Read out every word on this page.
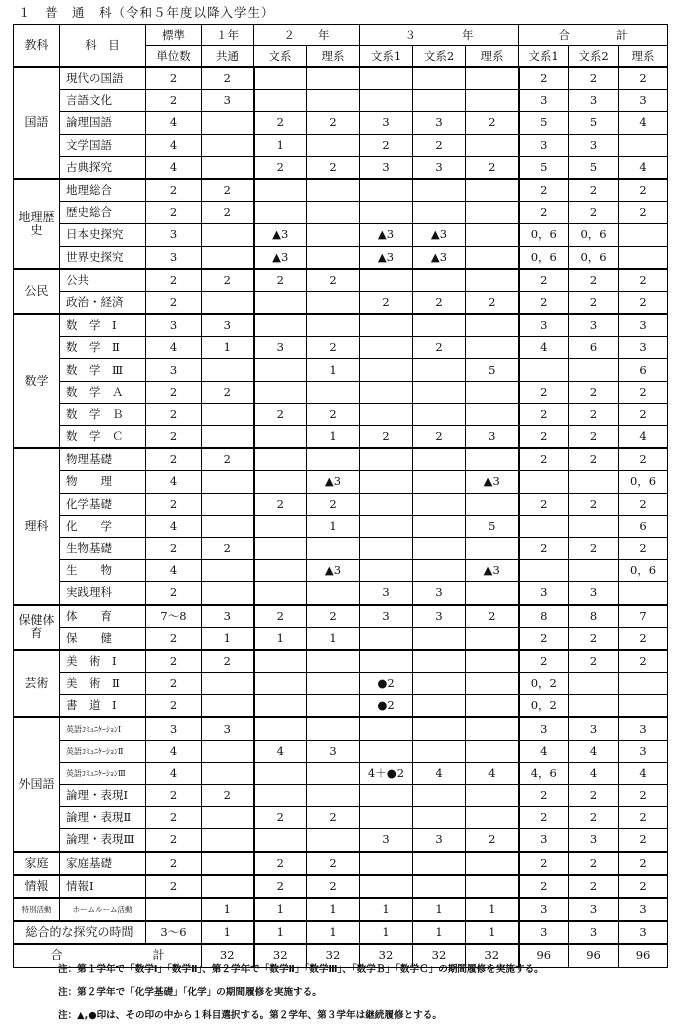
１　普　通　科（令和５年度以降入学生）
教科	科　目	標準	１年	２　　年		３　　　　年			合　　　　計		
		単位数	共通	文系	理系	文系1	文系2	理系	文系1	文系2	理系
国語	現代の国語	2	2						2	2	2
	言語文化	2	3						3	3	3
	論理国語	4		2	2	3	3	2	5	5	4
	文学国語	4		1		2	2		3	3	
	古典探究	4		2	2	3	3	2	5	5	4
地理歴史	地理総合	2	2						2	2	2
	歴史総合	2	2						2	2	2
	日本史探究	3		▲3		▲3	▲3		0，6	0，6	
	世界史探究	3		▲3		▲3	▲3		0，6	0，6	
公民	公共	2	2	2	2				2	2	2
	政治・経済	2				2	2	2	2	2	2
数学	数　学　Ⅰ	3	3						3	3	3
	数　学　Ⅱ	4	1	3	2		2		4	6	3
	数　学　Ⅲ	3			1			5			6
	数　学　Ａ	2	2						2	2	2
	数　学　Ｂ	2		2	2				2	2	2
	数　学　Ｃ	2			1	2	2	3	2	2	4
理科	物理基礎	2	2						2	2	2
	物　　理	4			▲3			▲3			0，6
	化学基礎	2		2	2				2	2	2
	化　　学	4			1			5			6
	生物基礎	2	2						2	2	2
	生　　物	4			▲3			▲3			0，6
	実践理科	2				3	3		3	3	
保健体育	体　　育	7～8	3	2	2	3	3	2	8	8	7
	保　　健	2	1	1	1				2	2	2
芸術	美　術　Ⅰ	2	2						2	2	2
	美　術　Ⅱ	2				●2			0，2		
	書　道　Ⅰ	2				●2			0，2		
外国語	英語ｺﾐｭﾆｹｰｼｮﾝⅠ	3	3						3	3	3
	英語ｺﾐｭﾆｹｰｼｮﾝⅡ	4		4	3				4	4	3
	英語ｺﾐｭﾆｹｰｼｮﾝⅢ	4				4＋●2	4	4	4，6	4	4
	論理・表現Ⅰ	2	2						2	2	2
	論理・表現Ⅱ	2		2	2				2	2	2
	論理・表現Ⅲ	2				3	3	2	3	3	2
家庭	家庭基礎	2		2	2				2	2	2
情報	情報Ⅰ	2		2	2				2	2	2
特別活動	ホームルーム活動		1	1	1	1	1	1	3	3	3
総合的な探究の時間		3～6	1	1	1	1	1	1	3	3	3
合 計			32	32	32	32	32	32	96	96	96
注：第１学年で「数学Ⅰ」「数学Ⅱ」、第２学年で「数学Ⅱ」「数学Ⅲ」、「数学Ｂ」「数学Ｃ」の期間履修を実施する。
注：第２学年で「化学基礎」「化学」の期間履修を実施する。
注：▲,●印は、その印の中から１科目選択する。第２学年、第３学年は継続履修とする。
